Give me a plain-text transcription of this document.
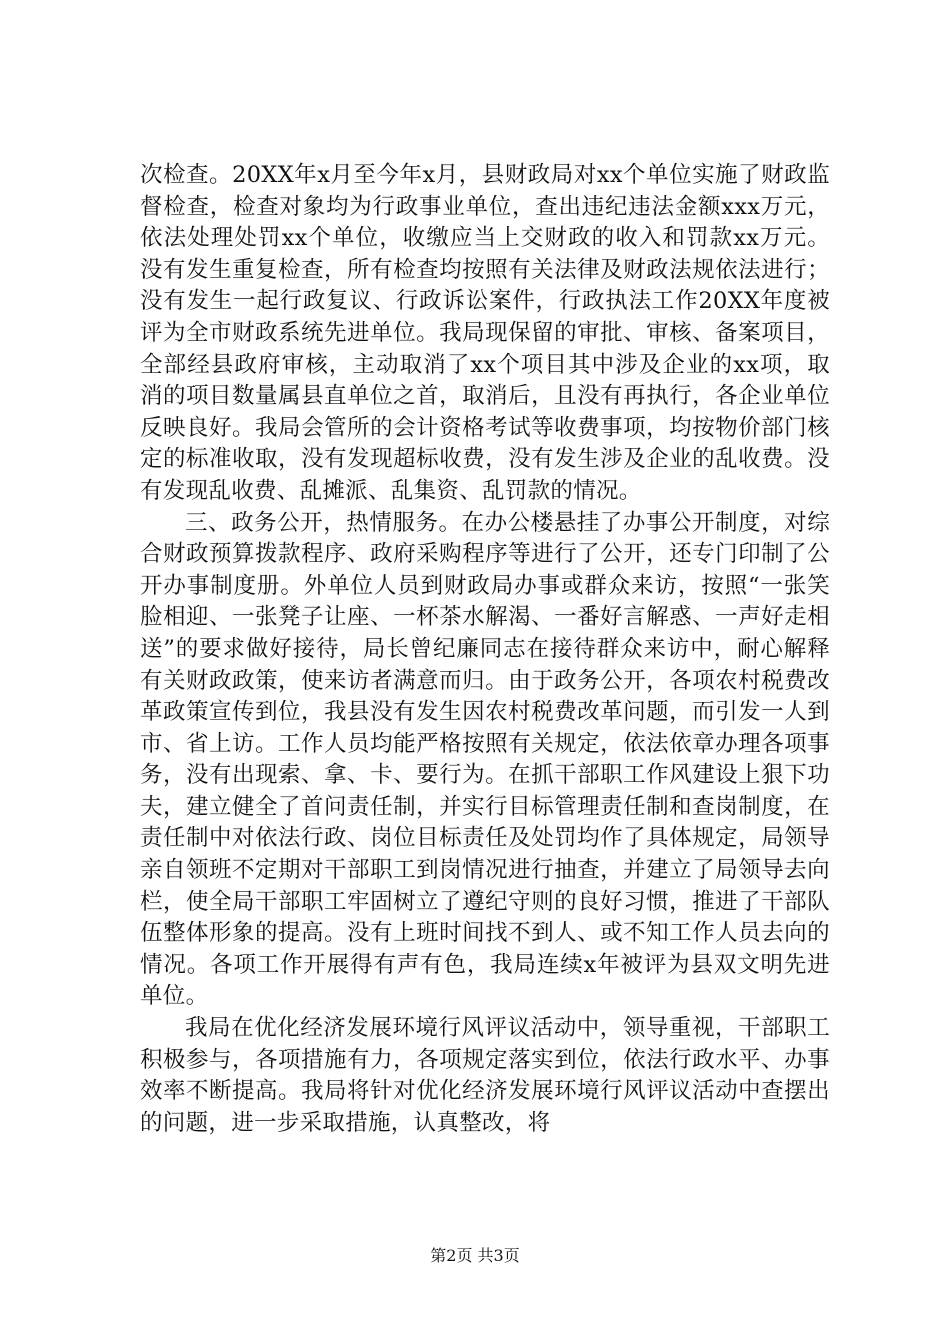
次检查。20XX年x月至今年x月，县财政局对xx个单位实施了财政监督检查，检查对象均为行政事业单位，查出违纪违法金额xxx万元，依法处理处罚xx个单位，收缴应当上交财政的收入和罚款xx万元。没有发生重复检查，所有检查均按照有关法律及财政法规依法进行；没有发生一起行政复议、行政诉讼案件，行政执法工作20XX年度被评为全市财政系统先进单位。我局现保留的审批、审核、备案项目，全部经县政府审核，主动取消了xx个项目其中涉及企业的xx项，取消的项目数量属县直单位之首，取消后，且没有再执行，各企业单位反映良好。我局会管所的会计资格考试等收费事项，均按物价部门核定的标准收取，没有发现超标收费，没有发生涉及企业的乱收费。没有发现乱收费、乱摊派、乱集资、乱罚款的情况。

三、政务公开，热情服务。在办公楼悬挂了办事公开制度，对综合财政预算拨款程序、政府采购程序等进行了公开，还专门印制了公开办事制度册。外单位人员到财政局办事或群众来访，按照“一张笑脸相迎、一张凳子让座、一杯茶水解渴、一番好言解惑、一声好走相送”的要求做好接待，局长曾纪廉同志在接待群众来访中，耐心解释有关财政政策，使来访者满意而归。由于政务公开，各项农村税费改革政策宣传到位，我县没有发生因农村税费改革问题，而引发一人到市、省上访。工作人员均能严格按照有关规定，依法依章办理各项事务，没有出现索、拿、卡、要行为。在抓干部职工作风建设上狠下功夫，建立健全了首问责任制，并实行目标管理责任制和查岗制度，在责任制中对依法行政、岗位目标责任及处罚均作了具体规定，局领导亲自领班不定期对干部职工到岗情况进行抽查，并建立了局领导去向栏，使全局干部职工牢固树立了遵纪守则的良好习惯，推进了干部队伍整体形象的提高。没有上班时间找不到人、或不知工作人员去向的情况。各项工作开展得有声有色，我局连续x年被评为县双文明先进单位。

我局在优化经济发展环境行风评议活动中，领导重视，干部职工积极参与，各项措施有力，各项规定落实到位，依法行政水平、办事效率不断提高。我局将针对优化经济发展环境行风评议活动中查摆出的问题，进一步采取措施，认真整改，将

第2页 共3页
